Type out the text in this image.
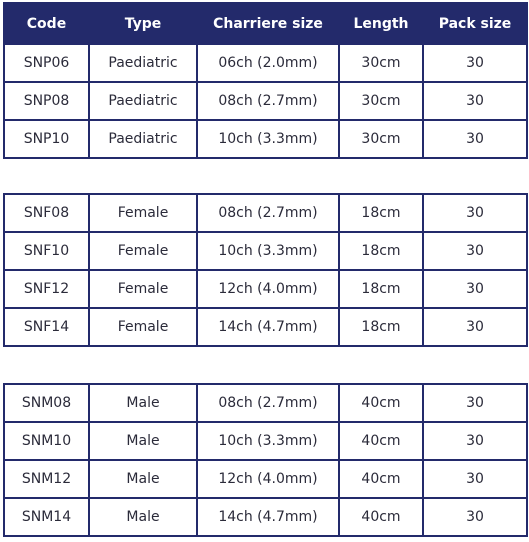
Code	Type	Charriere size	Length	Pack size
SNP06	Paediatric	06ch (2.0mm)	30cm	30
SNP08	Paediatric	08ch (2.7mm)	30cm	30
SNP10	Paediatric	10ch (3.3mm)	30cm	30
SNF08	Female	08ch (2.7mm)	18cm	30
SNF10	Female	10ch (3.3mm)	18cm	30
SNF12	Female	12ch (4.0mm)	18cm	30
SNF14	Female	14ch (4.7mm)	18cm	30
SNM08	Male	08ch (2.7mm)	40cm	30
SNM10	Male	10ch (3.3mm)	40cm	30
SNM12	Male	12ch (4.0mm)	40cm	30
SNM14	Male	14ch (4.7mm)	40cm	30
